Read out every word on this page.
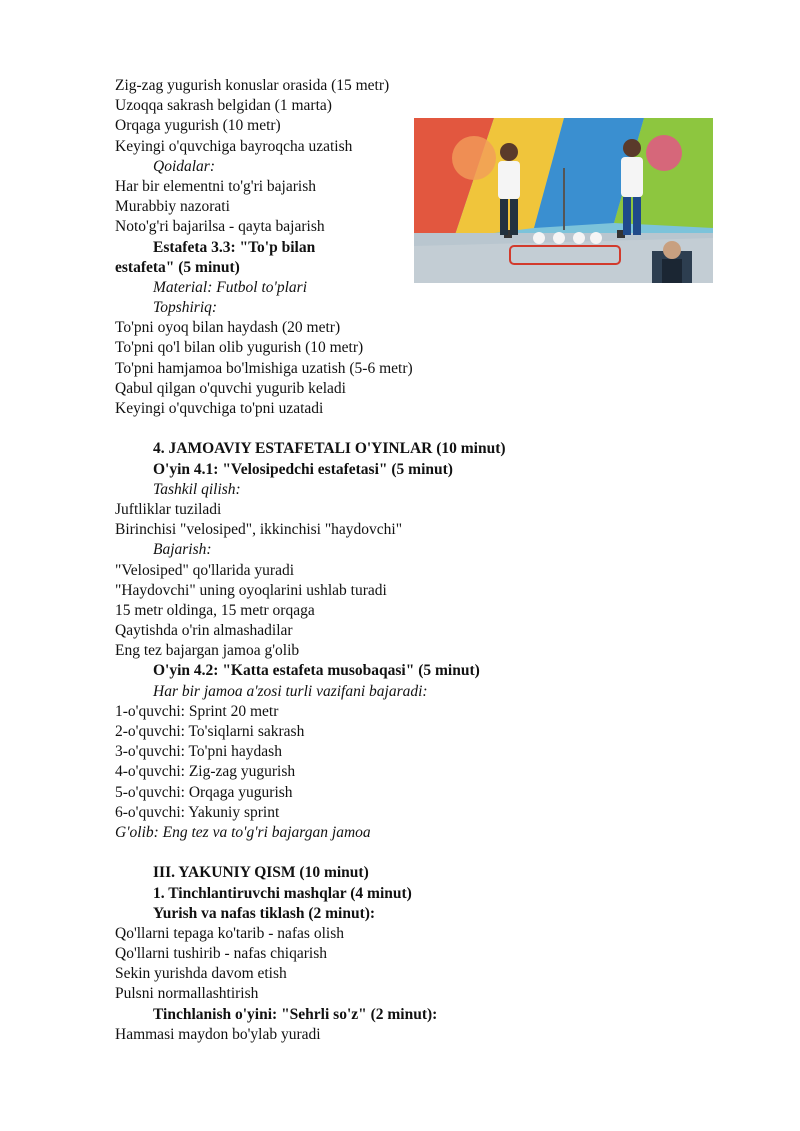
Zig-zag yugurish konuslar orasida (15 metr)
Uzoqqa sakrash belgidan (1 marta)
Orqaga yugurish (10 metr)
Keyingi o'quvchiga bayroqcha uzatish
Qoidalar:
Har bir elementni to'g'ri bajarish
Murabbiy nazorati
Noto'g'ri bajarilsa - qayta bajarish
Estafeta 3.3: "To'p bilan
estafeta" (5 minut)
Material: Futbol to'plari
Topshiriq:
To'pni oyoq bilan haydash (20 metr)
To'pni qo'l bilan olib yugurish (10 metr)
To'pni hamjamoa bo'lmishiga uzatish (5-6 metr)
Qabul qilgan o'quvchi yugurib keladi
Keyingi o'quvchiga to'pni uzatadi
4. JAMOAVIY ESTAFETALI O'YINLAR (10 minut)
O'yin 4.1: "Velosipedchi estafetasi" (5 minut)
Tashkil qilish:
Juftliklar tuziladi
Birinchisi "velosiped", ikkinchisi "haydovchi"
Bajarish:
"Velosiped" qo'llarida yuradi
"Haydovchi" uning oyoqlarini ushlab turadi
15 metr oldinga, 15 metr orqaga
Qaytishda o'rin almashadilar
Eng tez bajargan jamoa g'olib
O'yin 4.2: "Katta estafeta musobaqasi" (5 minut)
Har bir jamoa a'zosi turli vazifani bajaradi:
1-o'quvchi: Sprint 20 metr
2-o'quvchi: To'siqlarni sakrash
3-o'quvchi: To'pni haydash
4-o'quvchi: Zig-zag yugurish
5-o'quvchi: Orqaga yugurish
6-o'quvchi: Yakuniy sprint
G'olib: Eng tez va to'g'ri bajargan jamoa
III. YAKUNIY QISM (10 minut)
1. Tinchlantiruvchi mashqlar (4 minut)
Yurish va nafas tiklash (2 minut):
Qo'llarni tepaga ko'tarib - nafas olish
Qo'llarni tushirib - nafas chiqarish
Sekin yurishda davom etish
Pulsni normallashtirish
Tinchlanish o'yini: "Sehrli so'z" (2 minut):
Hammasi maydon bo'ylab yuradi
